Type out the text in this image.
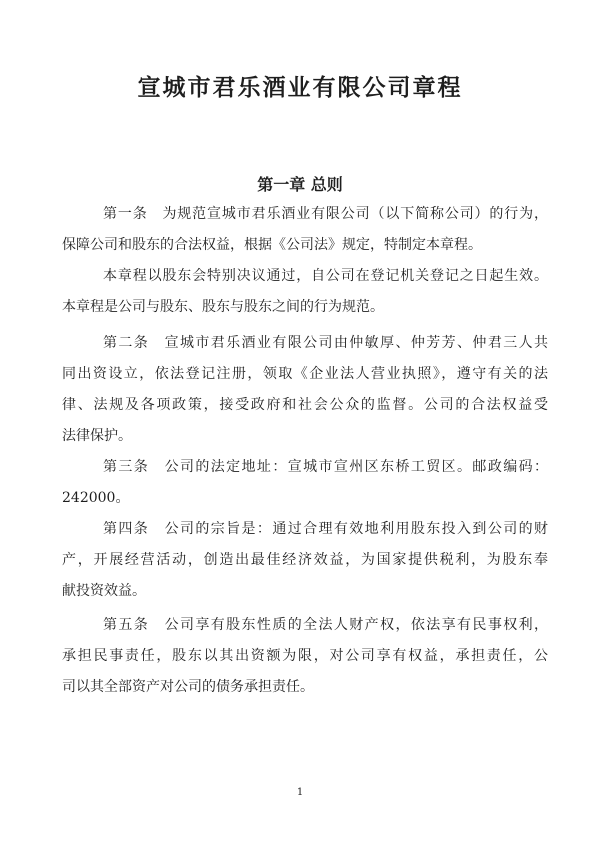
宣城市君乐酒业有限公司章程
第一章 总则
第一条　为规范宣城市君乐酒业有限公司（以下简称公司）的行为，
保障公司和股东的合法权益，根据《公司法》规定，特制定本章程。
本章程以股东会特别决议通过，自公司在登记机关登记之日起生效。
本章程是公司与股东、股东与股东之间的行为规范。
第二条　宣城市君乐酒业有限公司由仲敏厚、仲芳芳、仲君三人共
同出资设立，依法登记注册，领取《企业法人营业执照》，遵守有关的法
律、法规及各项政策，接受政府和社会公众的监督。公司的合法权益受
法律保护。
第三条　公司的法定地址：宣城市宣州区东桥工贸区。邮政编码：
242000。
第四条　公司的宗旨是：通过合理有效地利用股东投入到公司的财
产，开展经营活动，创造出最佳经济效益，为国家提供税利，为股东奉
献投资效益。
第五条　公司享有股东性质的全法人财产权，依法享有民事权利，
承担民事责任，股东以其出资额为限，对公司享有权益，承担责任，公
司以其全部资产对公司的债务承担责任。
1
